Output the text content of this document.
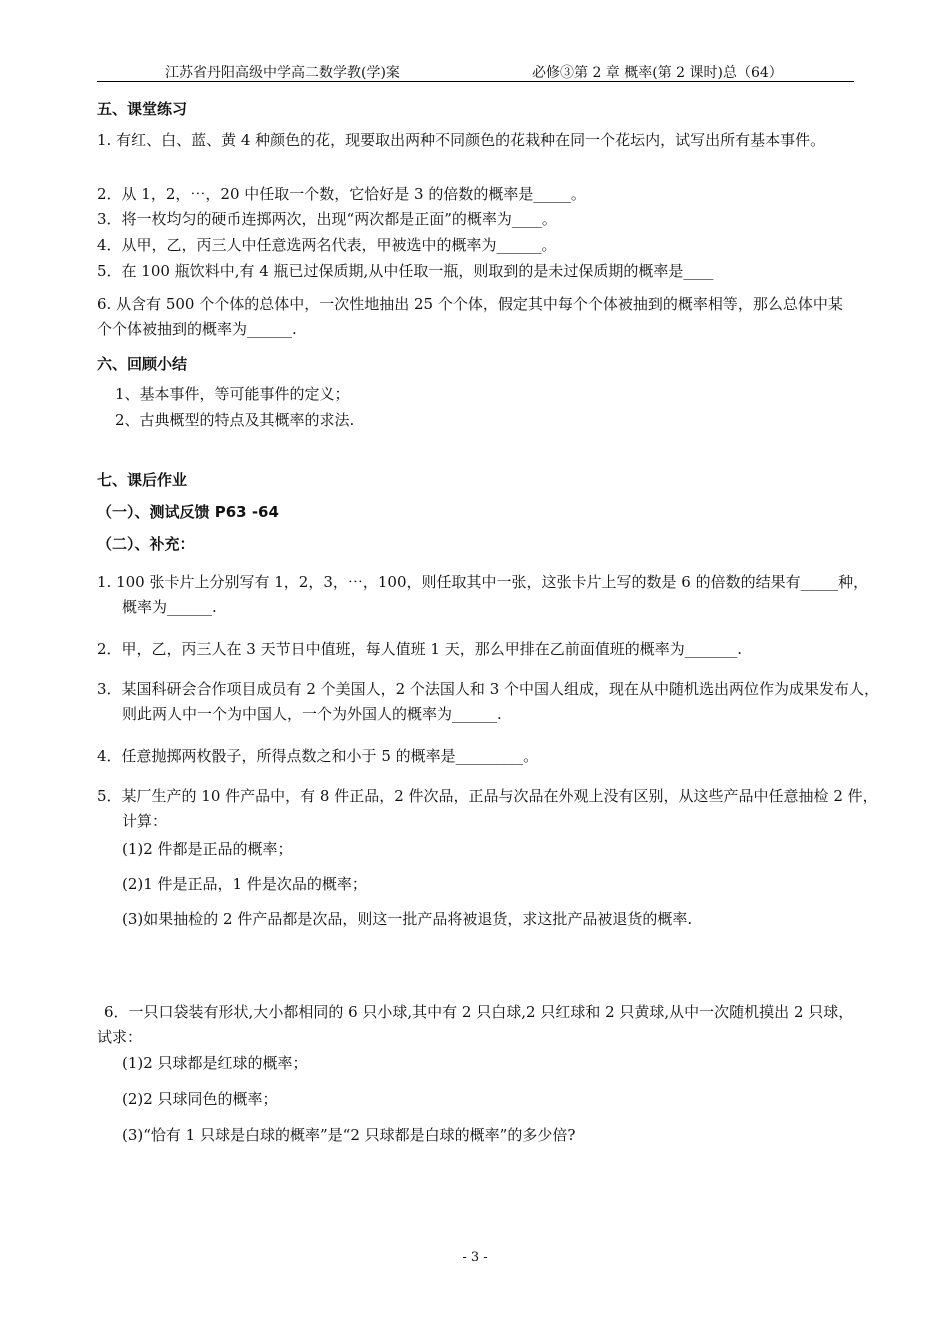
江苏省丹阳高级中学高二数学教(学)案	必修③第 2 章 概率(第 2 课时)总（64）
五、课堂练习
1. 有红、白、蓝、黄 4 种颜色的花，现要取出两种不同颜色的花栽种在同一个花坛内，试写出所有基本事件。
2．从 1，2，⋯，20 中任取一个数，它恰好是 3 的倍数的概率是_____。
3．将一枚均匀的硬币连掷两次，出现“两次都是正面”的概率为____。
4．从甲，乙，丙三人中任意选两名代表，甲被选中的概率为______。
5．在 100 瓶饮料中,有 4 瓶已过保质期,从中任取一瓶，则取到的是未过保质期的概率是____
6. 从含有 500 个个体的总体中，一次性地抽出 25 个个体，假定其中每个个体被抽到的概率相等，那么总体中某个个体被抽到的概率为______.
六、回顾小结
1、基本事件，等可能事件的定义；
2、古典概型的特点及其概率的求法.
七、课后作业
（一）、测试反馈 P63 -64
（二）、补充：
1. 100 张卡片上分别写有 1，2，3，⋯，100，则任取其中一张，这张卡片上写的数是 6 的倍数的结果有_____种，概率为______.
2．甲，乙，丙三人在 3 天节日中值班，每人值班 1 天，那么甲排在乙前面值班的概率为_______.
3．某国科研会合作项目成员有 2 个美国人，2 个法国人和 3 个中国人组成，现在从中随机选出两位作为成果发布人，则此两人中一个为中国人，一个为外国人的概率为______.
4．任意抛掷两枚骰子，所得点数之和小于 5 的概率是_________。
5．某厂生产的 10 件产品中，有 8 件正品，2 件次品，正品与次品在外观上没有区别，从这些产品中任意抽检 2 件，计算：
(1)2 件都是正品的概率；
(2)1 件是正品，1 件是次品的概率；
(3)如果抽检的 2 件产品都是次品，则这一批产品将被退货，求这批产品被退货的概率.
6．一只口袋装有形状,大小都相同的 6 只小球,其中有 2 只白球,2 只红球和 2 只黄球,从中一次随机摸出 2 只球，试求：
(1)2 只球都是红球的概率；
(2)2 只球同色的概率；
(3)“恰有 1 只球是白球的概率”是“2 只球都是白球的概率”的多少倍?
- 3 -
